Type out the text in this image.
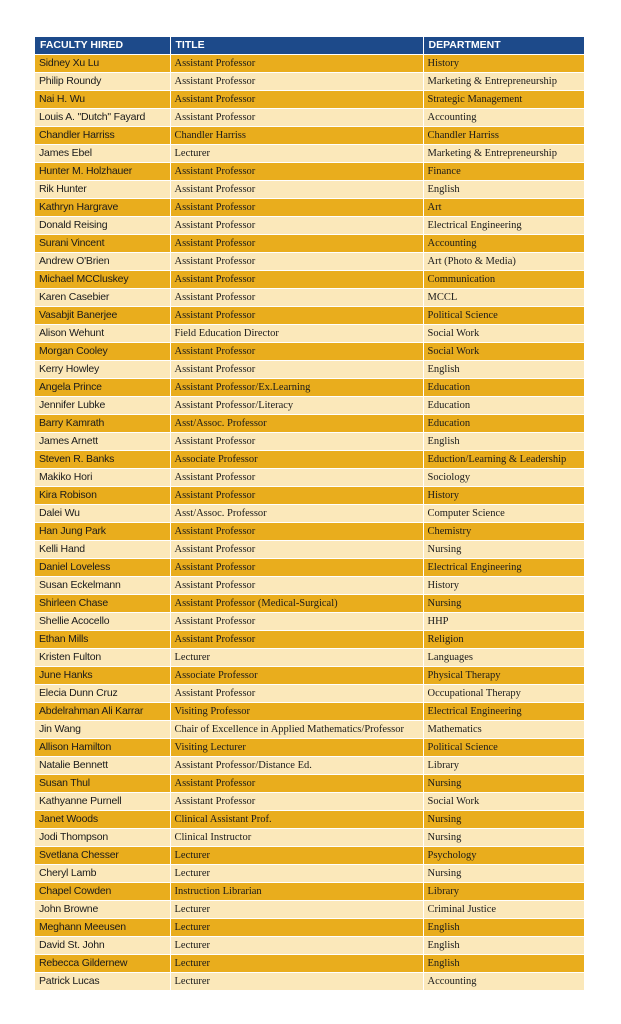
FACULTY HIRED	TITLE	DEPARTMENT
Sidney Xu Lu	Assistant Professor	History
Philip Roundy	Assistant Professor	Marketing & Entrepreneurship
Nai H. Wu	Assistant Professor	Strategic Management
Louis A. "Dutch" Fayard	Assistant Professor	Accounting
Chandler Harriss	Chandler Harriss	Chandler Harriss
James Ebel	Lecturer	Marketing & Entrepreneurship
Hunter M. Holzhauer	Assistant Professor	Finance
Rik Hunter	Assistant Professor	English
Kathryn Hargrave	Assistant Professor	Art
Donald Reising	Assistant Professor	Electrical Engineering
Surani Vincent	Assistant Professor	Accounting
Andrew O'Brien	Assistant Professor	Art (Photo & Media)
Michael MCCluskey	Assistant Professor	Communication
Karen Casebier	Assistant Professor	MCCL
Vasabjit Banerjee	Assistant Professor	Political Science
Alison Wehunt	Field Education Director	Social Work
Morgan Cooley	Assistant Professor	Social Work
Kerry Howley	Assistant Professor	English
Angela Prince	Assistant Professor/Ex.Learning	Education
Jennifer Lubke	Assistant Professor/Literacy	Education
Barry Kamrath	Asst/Assoc. Professor	Education
James Arnett	Assistant Professor	English
Steven R. Banks	Associate Professor	Eduction/Learning & Leadership
Makiko Hori	Assistant Professor	Sociology
Kira Robison	Assistant Professor	History
Dalei Wu	Asst/Assoc. Professor	Computer Science
Han Jung Park	Assistant Professor	Chemistry
Kelli Hand	Assistant Professor	Nursing
Daniel Loveless	Assistant Professor	Electrical Engineering
Susan Eckelmann	Assistant Professor	History
Shirleen Chase	Assistant Professor (Medical-Surgical)	Nursing
Shellie Acocello	Assistant Professor	HHP
Ethan Mills	Assistant Professor	Religion
Kristen Fulton	Lecturer	Languages
June Hanks	Associate Professor	Physical Therapy
Elecia Dunn Cruz	Assistant Professor	Occupational Therapy
Abdelrahman Ali Karrar	Visiting Professor	Electrical Engineering
Jin Wang	Chair of Excellence in Applied Mathematics/Professor	Mathematics
Allison Hamilton	Visiting Lecturer	Political Science
Natalie Bennett	Assistant Professor/Distance Ed.	Library
Susan Thul	Assistant Professor	Nursing
Kathyanne Purnell	Assistant Professor	Social Work
Janet Woods	Clinical Assistant Prof.	Nursing
Jodi Thompson	Clinical Instructor	Nursing
Svetlana Chesser	Lecturer	Psychology
Cheryl Lamb	Lecturer	Nursing
Chapel Cowden	Instruction Librarian	Library
John Browne	Lecturer	Criminal Justice
Meghann Meeusen	Lecturer	English
David St. John	Lecturer	English
Rebecca Gildernew	Lecturer	English
Patrick Lucas	Lecturer	Accounting
